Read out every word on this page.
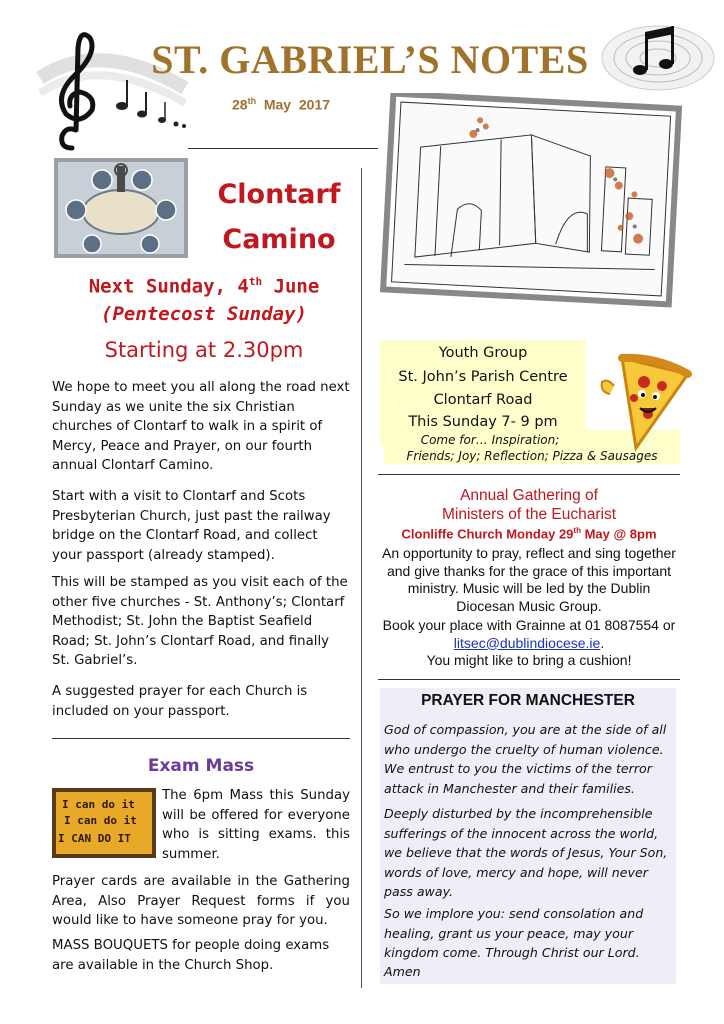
ST. GABRIEL’S NOTES
28th  May  2017
Clontarf
Camino
Next Sunday, 4th June
(Pentecost Sunday)
Starting at 2.30pm

We hope to meet you all along the road next Sunday as we unite the six Christian churches of Clontarf to walk in a spirit of Mercy, Peace and Prayer, on our fourth annual Clontarf Camino.

Start with a visit to Clontarf and Scots Presbyterian Church, just past the railway bridge on the Clontarf Road, and collect your passport (already stamped).

This will be stamped as you visit each of the other five churches - St. Anthony’s; Clontarf Methodist; St. John the Baptist Seafield Road; St. John’s Clontarf Road, and finally St. Gabriel’s.

A suggested prayer for each Church is included on your passport.

Exam Mass
I can do it
I can do it
I CAN DO IT

The 6pm Mass this Sunday will be offered for everyone who is sitting exams. this summer.

Prayer cards are available in the Gathering Area, Also Prayer Request forms if you would like to have someone pray for you.

MASS BOUQUETS for people doing exams are available in the Church Shop.

Youth Group
St. John’s Parish Centre
Clontarf Road
This Sunday 7- 9 pm
Come for… Inspiration;
Friends; Joy; Reflection; Pizza & Sausages
Annual Gathering of
Ministers of the Eucharist
Clonliffe Church Monday 29th May @ 8pm

An opportunity to pray, reflect and sing together and give thanks for the grace of this important ministry. Music will be led by the Dublin Diocesan Music Group.

Book your place with Grainne at 01 8087554 or litsec@dublindiocese.ie.
You might like to bring a cushion!

PRAYER FOR MANCHESTER

God of compassion, you are at the side of all who undergo the cruelty of human violence. We entrust to you the victims of the terror attack in Manchester and their families.

Deeply disturbed by the incomprehensible sufferings of the innocent across the world, we believe that the words of Jesus, Your Son, words of love, mercy and hope, will never pass away.

So we implore you: send consolation and healing, grant us your peace, may your kingdom come. Through Christ our Lord.

Amen
